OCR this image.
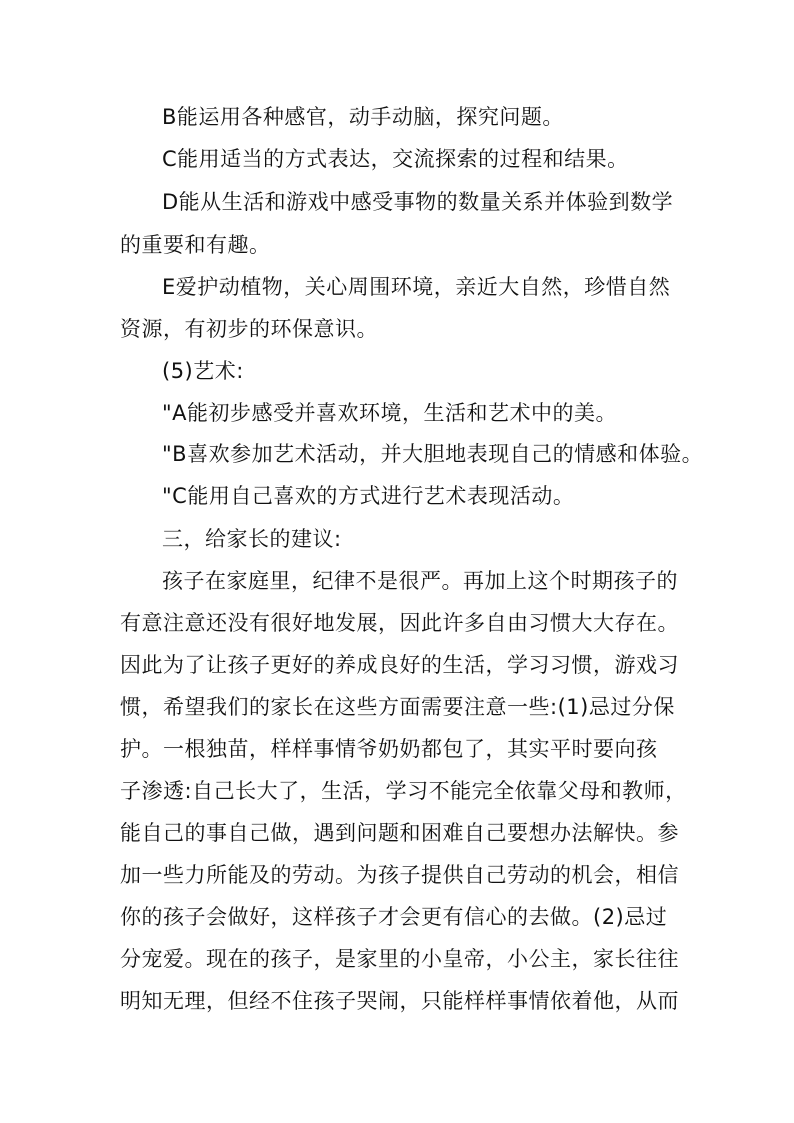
B能运用各种感官，动手动脑，探究问题。
C能用适当的方式表达，交流探索的过程和结果。
D能从生活和游戏中感受事物的数量关系并体验到数学
的重要和有趣。
E爱护动植物，关心周围环境，亲近大自然，珍惜自然
资源，有初步的环保意识。
(5)艺术:
"A能初步感受并喜欢环境，生活和艺术中的美。
"B喜欢参加艺术活动，并大胆地表现自己的情感和体验。
"C能用自己喜欢的方式进行艺术表现活动。
三，给家长的建议:
孩子在家庭里，纪律不是很严。再加上这个时期孩子的
有意注意还没有很好地发展，因此许多自由习惯大大存在。
因此为了让孩子更好的养成良好的生活，学习习惯，游戏习
惯，希望我们的家长在这些方面需要注意一些:(1)忌过分保
护。一根独苗，样样事情爷奶奶都包了，其实平时要向孩
子渗透:自己长大了，生活，学习不能完全依靠父母和教师，
能自己的事自己做，遇到问题和困难自己要想办法解快。参
加一些力所能及的劳动。为孩子提供自己劳动的机会，相信
你的孩子会做好，这样孩子才会更有信心的去做。(2)忌过
分宠爱。现在的孩子，是家里的小皇帝，小公主，家长往往
明知无理，但经不住孩子哭闹，只能样样事情依着他，从而
